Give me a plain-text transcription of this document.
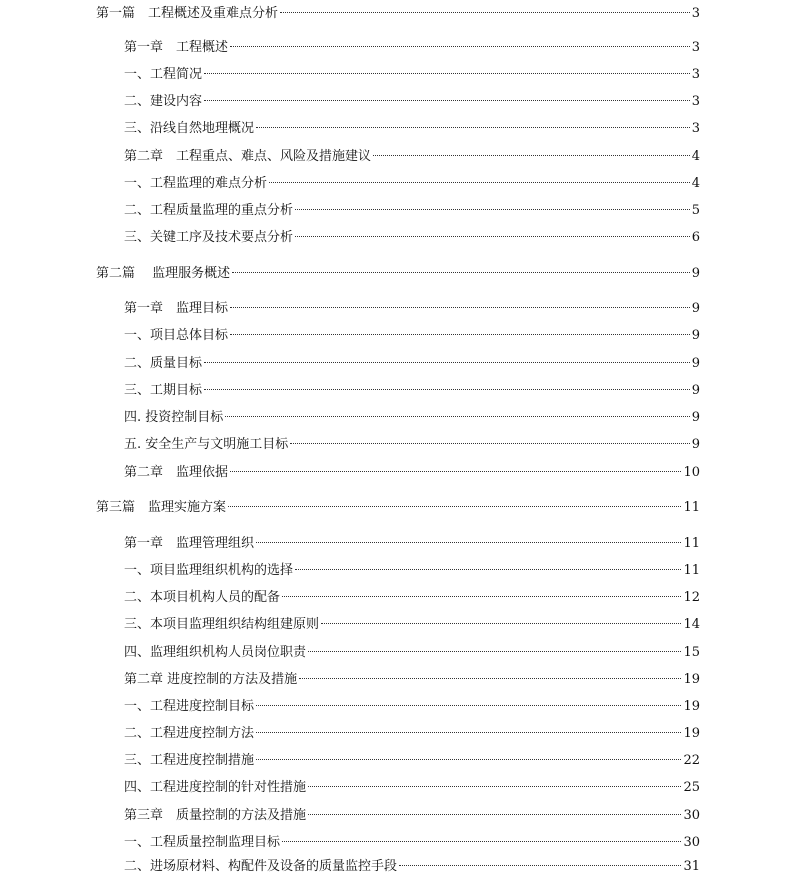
第一篇　工程概述及重难点分析	3
第一章　工程概述	3
一、工程简况	3
二、建设内容	3
三、沿线自然地理概况	3
第二章　工程重点、难点、风险及措施建议	4
一、工程监理的难点分析	4
二、工程质量监理的重点分析	5
三、关键工序及技术要点分析	6
第二篇　 监理服务概述	9
第一章　监理目标	9
一、项目总体目标	9
二、质量目标	9
三、工期目标	9
四. 投资控制目标	9
五. 安全生产与文明施工目标	9
第二章　监理依据	10
第三篇　监理实施方案	11
第一章　监理管理组织	11
一、项目监理组织机构的选择	11
二、本项目机构人员的配备	12
三、本项目监理组织结构组建原则	14
四、监理组织机构人员岗位职责	15
第二章 进度控制的方法及措施	19
一、工程进度控制目标	19
二、工程进度控制方法	19
三、工程进度控制措施	22
四、工程进度控制的针对性措施	25
第三章　质量控制的方法及措施	30
一、工程质量控制监理目标	30
二、进场原材料、构配件及设备的质量监控手段	31
